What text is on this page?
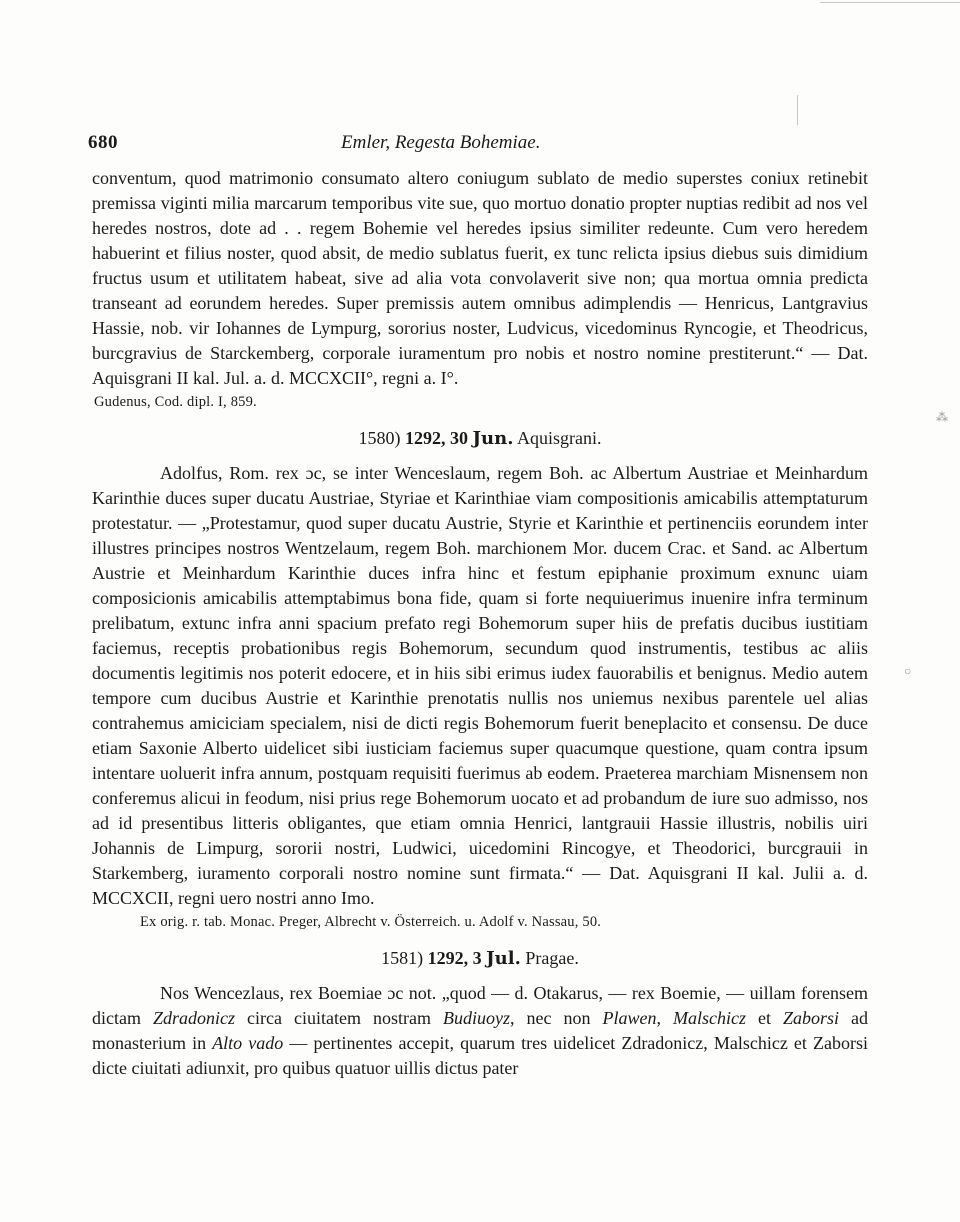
⁂
○
680	Emler, Regesta Bohemiae.

conventum, quod matrimonio consumato altero coniugum sublato de medio superstes coniux retinebit premissa viginti milia marcarum temporibus vite sue, quo mortuo donatio propter nuptias redibit ad nos vel heredes nostros, dote ad . . regem Bohemie vel heredes ipsius similiter redeunte. Cum vero heredem habuerint et filius noster, quod absit, de medio sublatus fuerit, ex tunc relicta ipsius diebus suis dimidium fructus usum et utilitatem habeat, sive ad alia vota convolaverit sive non; qua mortua omnia predicta transeant ad eorundem heredes. Super premissis autem omnibus adimplendis — Henricus, Lantgravius Hassie, nob. vir Iohannes de Lympurg, sororius noster, Ludvicus, vicedominus Ryncogie, et Theodricus, burcgravius de Starckemberg, corporale iuramentum pro nobis et nostro nomine prestiterunt.“ — Dat. Aquisgrani II kal. Jul. a. d. MCCXCII°, regni a. I°.

Gudenus, Cod. dipl. I, 859.
1580) 1292, 30 Jun. Aquisgrani.

Adolfus, Rom. rex ɔc, se inter Wenceslaum, regem Boh. ac Albertum Austriae et Meinhardum Karinthie duces super ducatu Austriae, Styriae et Karinthiae viam compositionis amicabilis attemptaturum protestatur. — „Protestamur, quod super ducatu Austrie, Styrie et Karinthie et pertinenciis eorundem inter illustres principes nostros Wentzelaum, regem Boh. marchionem Mor. ducem Crac. et Sand. ac Albertum Austrie et Meinhardum Karinthie duces infra hinc et festum epiphanie proximum exnunc uiam composicionis amicabilis attemptabimus bona fide, quam si forte nequiuerimus inuenire infra terminum prelibatum, extunc infra anni spacium prefato regi Bohemorum super hiis de prefatis ducibus iustitiam faciemus, receptis probationibus regis Bohemorum, secundum quod instrumentis, testibus ac aliis documentis legitimis nos poterit edocere, et in hiis sibi erimus iudex fauorabilis et benignus. Medio autem tempore cum ducibus Austrie et Karinthie prenotatis nullis nos uniemus nexibus parentele uel alias contrahemus amiciciam specialem, nisi de dicti regis Bohemorum fuerit beneplacito et consensu. De duce etiam Saxonie Alberto uidelicet sibi iusticiam faciemus super quacumque questione, quam contra ipsum intentare uoluerit infra annum, postquam requisiti fuerimus ab eodem. Praeterea marchiam Misnensem non conferemus alicui in feodum, nisi prius rege Bohemorum uocato et ad probandum de iure suo admisso, nos ad id presentibus litteris obligantes, que etiam omnia Henrici, lantgrauii Hassie illustris, nobilis uiri Johannis de Limpurg, sororii nostri, Ludwici, uicedomini Rincogye, et Theodorici, burcgrauii in Starkemberg, iuramento corporali nostro nomine sunt firmata.“ — Dat. Aquisgrani II kal. Julii a. d. MCCXCII, regni uero nostri anno Imo.

Ex orig. r. tab. Monac. Preger, Albrecht v. Österreich. u. Adolf v. Nassau, 50.
1581) 1292, 3 Jul. Pragae.

Nos Wencezlaus, rex Boemiae ɔc not. „quod — d. Otakarus, — rex Boemie, — uillam forensem dictam Zdradonicz circa ciuitatem nostram Budiuoyz, nec non Plawen, Malschicz et Zaborsi ad monasterium in Alto vado — pertinentes accepit, quarum tres uidelicet Zdradonicz, Malschicz et Zaborsi dicte ciuitati adiunxit, pro quibus quatuor uillis dictus pater
